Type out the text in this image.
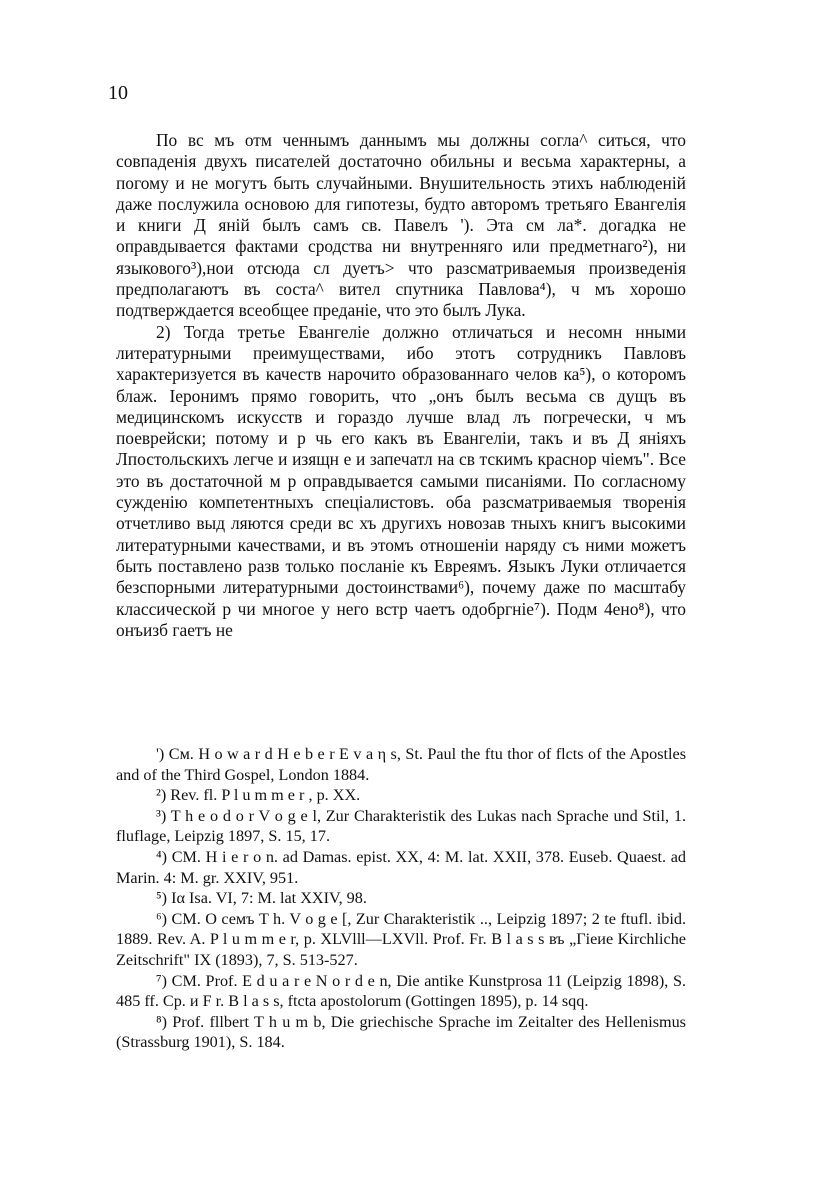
10

По вс мъ отм ченнымъ даннымъ мы должны согла^ ситься, что совпаденія двухъ писателей достаточно обильны и весьма характерны, а погому и не могутъ быть случайными. Внушительность этихъ наблюденій даже послужила основою для гипотезы, будто авторомъ третьяго Евангелія и книги Д яній былъ самъ св. Павелъ '). Эта см ла*. догадка не оправдывается фактами сродства ни внутренняго или предметнаго²), ни языкового³),нои отсюда сл дуетъ> что разсматриваемыя произведенія предполагаютъ въ соста^ вител спутника Павлова⁴), ч мъ хорошо подтверждается всеобщее преданіе, что это былъ Лука.

2) Тогда третье Евангеліе должно отличаться и несомн нными литературными преимуществами, ибо этотъ сотрудникъ Павловъ характеризуется въ качеств нарочито образованнаго челов ка⁵), о которомъ блаж. Іеронимъ прямо говорить, что „онъ былъ весьма св дущъ въ медицинскомъ искусств и гораздо лучше влад лъ погречески, ч мъ поеврейски; потому и р чь его какъ въ Евангеліи, такъ и въ Д яніяхъ Лпостольскихъ легче и изящн е и запечатл на св тскимъ краснор чіемъ". Все это въ достаточной м р оправдывается самыми писаніями. По согласному сужденію компетентныхъ спеціалистовъ. оба разсматриваемыя творенія отчетливо выд ляются среди вс хъ другихъ новозав тныхъ книгъ высокими литературными качествами, и въ этомъ отношеніи наряду съ ними можетъ быть поставлено разв только посланіе къ Евреямъ. Языкъ Луки отличается безспорными литературными достоинствами⁶), почему даже по масштабу классической р чи многое у него встр чаетъ одобргніе⁷). Подм 4ено⁸), что онъизб гаетъ не

') См. H o w a r d H e b e r E v a η s, St. Paul the ftu thor of flcts of the Apostles and of the Third Gospel, London 1884.

²) Rev. fl. P l u m m e r , p. XX.

³) T h e o d o r V o g e l, Zur Charakteristik des Lukas nach Sprache und Stil, 1. fluflage, Leipzig 1897, S. 15, 17.

⁴) CM. H i e r o n. ad Damas. epist. XX, 4: M. lat. XXII, 378. Euseb. Quaest. ad Marin. 4: M. gr. XXIV, 951.

⁵) Iα Isa. VI, 7: M. lat XXIV, 98.

⁶) CM. О семъ T h. V o g e [, Zur Charakteristik .., Leipzig 1897; 2 te ftufl. ibid. 1889. Rev. A. P l u m m e r, p. XLVlll—LXVll. Prof. Fr. B l a s s въ „Гіеие Kirchliche Zeitschrift" IX (1893), 7, S. 513-527.

⁷) CM. Prof. E d u a r e N o r d e n, Die antike Kunstprosa 11 (Leipzig 1898), S. 485 ff. Cp. и F r. B l a s s, ftcta apostolorum (Gottingen 1895), p. 14 sqq.

⁸) Prof. fllbert T h u m b, Die griechische Sprache im Zeitalter des Hellenismus (Strassburg 1901), S. 184.
